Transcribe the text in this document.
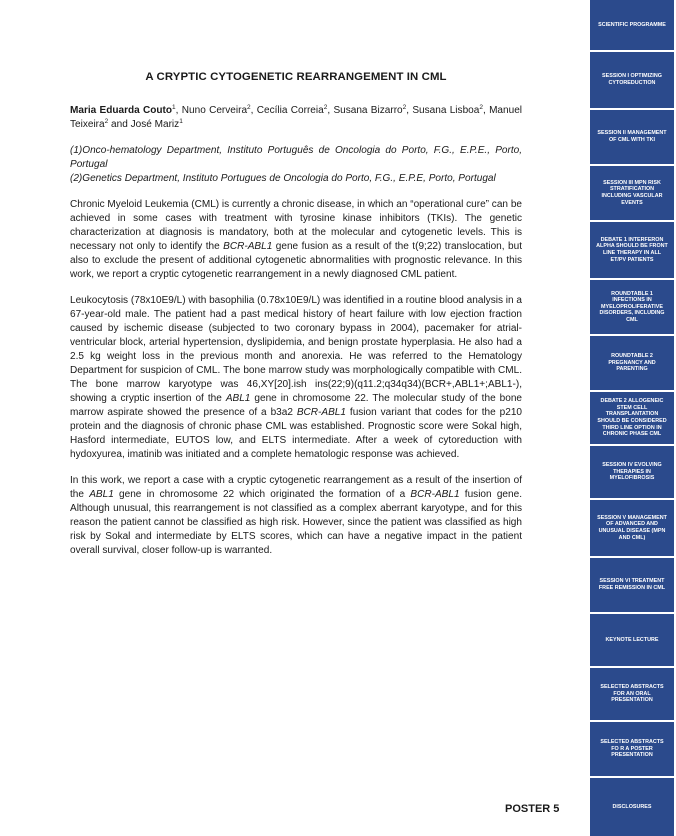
A CRYPTIC CYTOGENETIC REARRANGEMENT IN CML

Maria Eduarda Couto$^1$, Nuno Cerveira$^2$, Cecília Correia$^2$, Susana Bizarro$^2$, Susana Lisboa$^2$, Manuel Teixeira$^2$ and José Mariz$^1$

(1)Onco-hematology Department, Instituto Português de Oncologia do Porto, F.G., E.P.E., Porto, Portugal
(2)Genetics Department, Instituto Portugues de Oncologia do Porto, F.G., E.P.E, Porto, Portugal

Chronic Myeloid Leukemia (CML) is currently a chronic disease, in which an “operational cure” can be achieved in some cases with treatment with tyrosine kinase inhibitors (TKIs). The genetic characterization at diagnosis is mandatory, both at the molecular and cytogenetic levels. This is necessary not only to identify the BCR-ABL1 gene fusion as a result of the t(9;22) translocation, but also to exclude the present of additional cytogenetic abnormalities with prognostic relevance. In this work, we report a cryptic cytogenetic rearrangement in a newly diagnosed CML patient.

Leukocytosis (78x10E9/L) with basophilia (0.78x10E9/L) was identified in a routine blood analysis in a 67-year-old male. The patient had a past medical history of heart failure with low ejection fraction caused by ischemic disease (subjected to two coronary bypass in 2004), pacemaker for atrial-ventricular block, arterial hypertension, dyslipidemia, and benign prostate hyperplasia. He also had a 2.5 kg weight loss in the previous month and anorexia. He was referred to the Hematology Department for suspicion of CML. The bone marrow study was morphologically compatible with CML. The bone marrow karyotype was 46,XY[20].ish ins(22;9)(q11.2;q34q34)(BCR+,ABL1+;ABL1-), showing a cryptic insertion of the ABL1 gene in chromosome 22. The molecular study of the bone marrow aspirate showed the presence of a b3a2 BCR-ABL1 fusion variant that codes for the p210 protein and the diagnosis of chronic phase CML was established. Prognostic score were Sokal high, Hasford intermediate, EUTOS low, and ELTS intermediate. After a week of cytoreduction with hydoxyurea, imatinib was initiated and a complete hematologic response was achieved.

In this work, we report a case with a cryptic cytogenetic rearrangement as a result of the insertion of the ABL1 gene in chromosome 22 which originated the formation of a BCR-ABL1 fusion gene. Although unusual, this rearrangement is not classified as a complex aberrant karyotype, and for this reason the patient cannot be classified as high risk. However, since the patient was classified as high risk by Sokal and intermediate by ELTS scores, which can have a negative impact in the patient overall survival, closer follow-up is warranted.

POSTER 5
SCIENTIFIC PROGRAMME
SESSION I OPTIMIZING CYTOREDUCTION
SESSION II MANAGEMENT OF CML WITH TKI
SESSION III MPN RISK STRATIFICATION INCLUDING VASCULAR EVENTS
DEBATE 1 INTERFERON ALPHA SHOULD BE FRONT LINE THERAPY IN ALL ET/PV PATIENTS
ROUNDTABLE 1 INFECTIONS IN MYELOPROLIFERATIVE DISORDERS, INCLUDING CML
ROUNDTABLE 2 PREGNANCY AND PARENTING
DEBATE 2 ALLOGENEIC STEM CELL TRANSPLANTATION SHOULD BE CONSIDERED THIRD LINE OPTION IN CHRONIC PHASE CML
SESSION IV EVOLVING THERAPIES IN MYELOFIBROSIS
SESSION V MANAGEMENT OF ADVANCED AND UNUSUAL DISEASE (MPN AND CML)
SESSION VI TREATMENT FREE REMISSION IN CML
KEYNOTE LECTURE
SELECTED ABSTRACTS FOR AN ORAL PRESENTATION
SELECTED ABSTRACTS FO R A POSTER PRESENTATION
DISCLOSURES
